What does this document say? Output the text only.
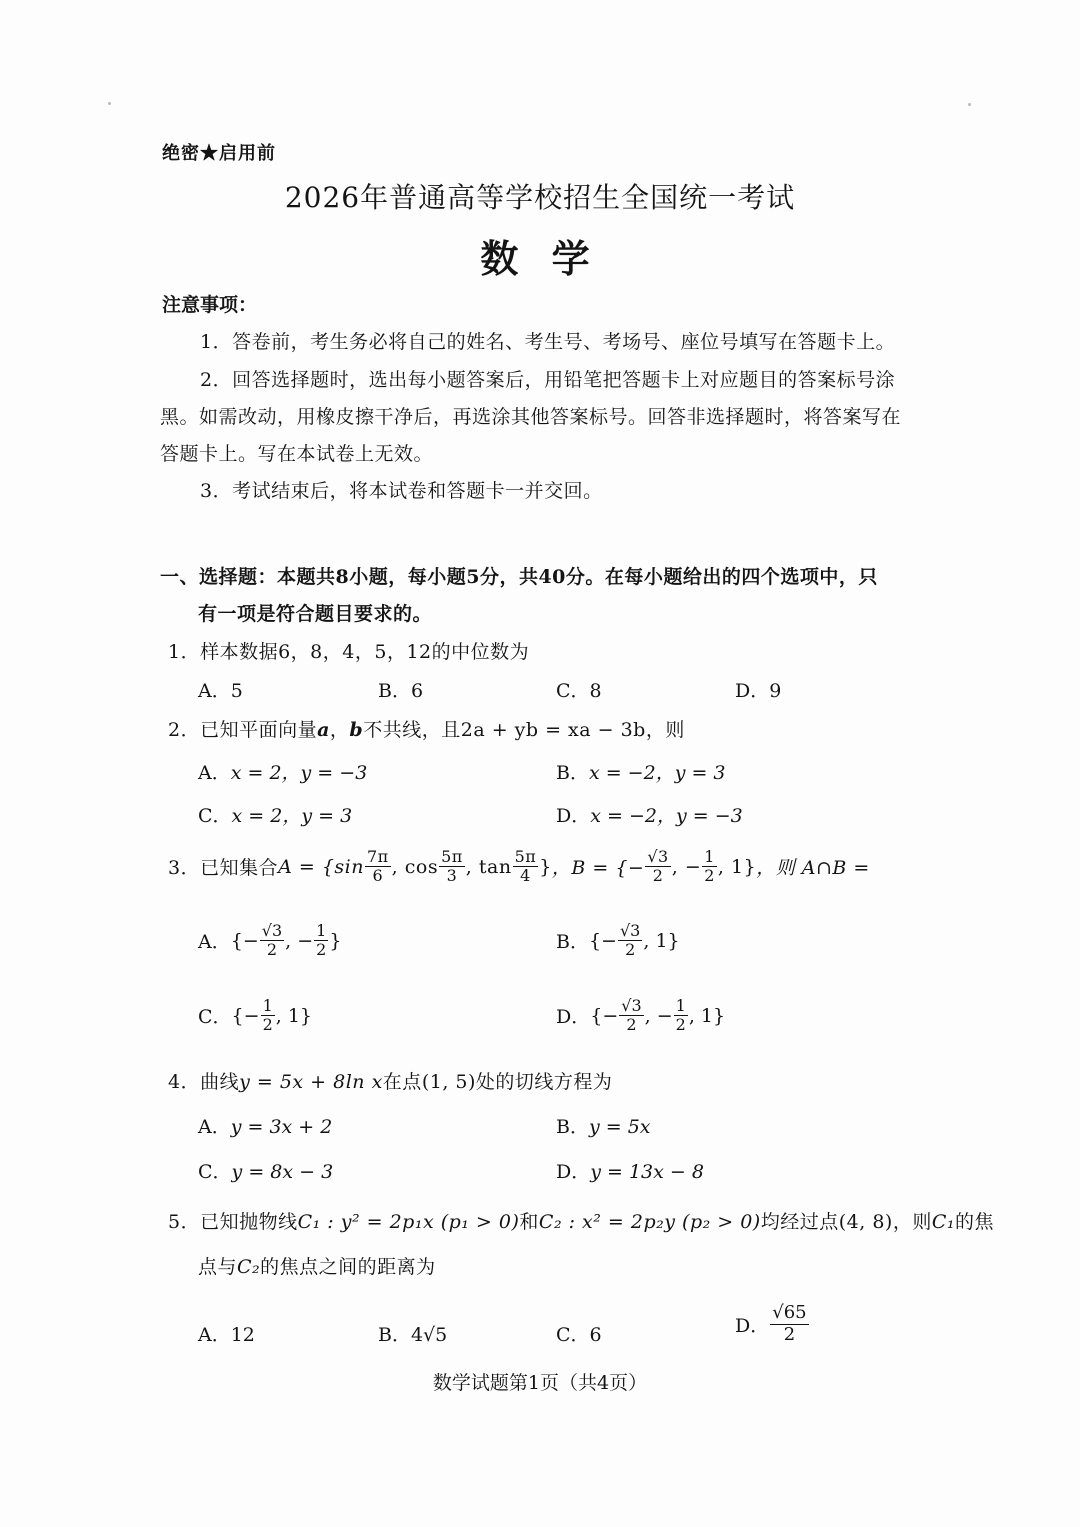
绝密★启用前
2026年普通高等学校招生全国统一考试
数 学
注意事项：
1．答卷前，考生务必将自己的姓名、考生号、考场号、座位号填写在答题卡上。
2．回答选择题时，选出每小题答案后，用铅笔把答题卡上对应题目的答案标号涂
黑。如需改动，用橡皮擦干净后，再选涂其他答案标号。回答非选择题时，将答案写在
答题卡上。写在本试卷上无效。
3．考试结束后，将本试卷和答题卡一并交回。
一、选择题：本题共8小题，每小题5分，共40分。在每小题给出的四个选项中，只
有一项是符合题目要求的。
1．样本数据6，8，4，5，12的中位数为
A．5	B．6	C．8	D．9
2．已知平面向量a，b不共线，且2a + yb = xa − 3b，则
A．x = 2，y = −3	B．x = −2，y = 3
C．x = 2，y = 3	D．x = −2，y = −3
3．已知集合 $A = \{\sin \frac{7\pi}{6}$ , $\cos \frac{5\pi}{3}$ , $\tan \frac{5\pi}{4}$ } ，B = {− $\frac{√3}{2}$ , − $\frac{1}{2}$ , 1} ，则 A∩B =
A． {− $\frac{√3}{2}$ , − $\frac{1}{2}$ }	B． {− $\frac{√3}{2}$ , 1}
C． {− $\frac{1}{2}$ , 1}	D． {− $\frac{√3}{2}$ , − $\frac{1}{2}$ , 1}
4．曲线y = 5x + 8ln x在点(1, 5)处的切线方程为
A．y = 3x + 2	B．y = 5x
C．y = 8x − 3	D．y = 13x − 8
5．已知抛物线C₁ : y² = 2p₁x (p₁ > 0)和C₂ : x² = 2p₂y (p₂ > 0)均经过点(4, 8)，则C₁的焦
点与C₂的焦点之间的距离为
A．12	B．4√5	C．6	D． $\frac{√65}{2}$
数学试题第1页（共4页）
